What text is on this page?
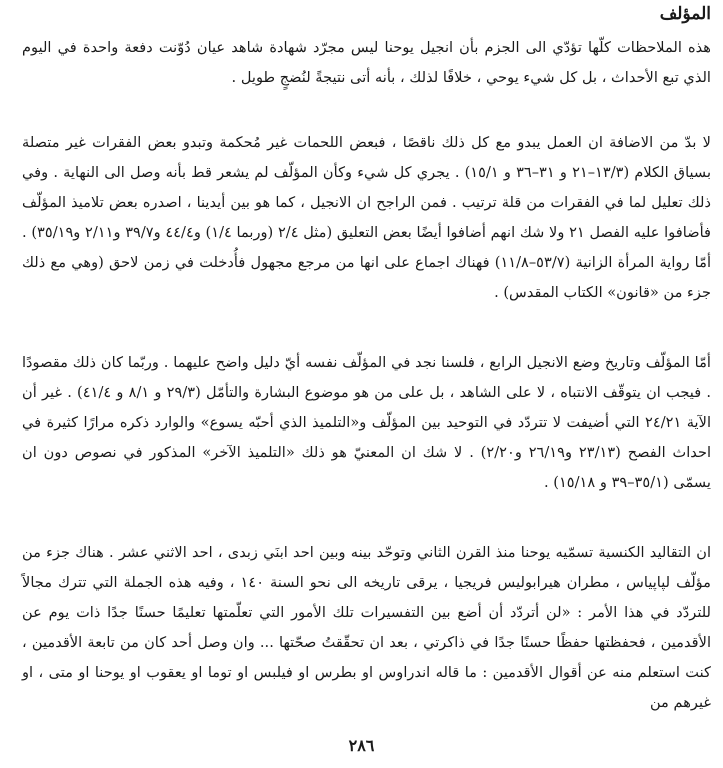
المؤلف

هذه الملاحظات كلّها تؤدّي الى الجزم بأن انجيل يوحنا ليس مجرّد شهادة شاهد عيان دُوّنت دفعة واحدة في اليوم الذي تبع الأحداث ، بل كل شيء يوحي ، خلافًا لذلك ، بأنه أتى نتيجةً لنُضجٍ طويل .

لا بدّ من الاضافة ان العمل يبدو مع كل ذلك ناقصًا ، فبعض اللحمات غير مُحكمة وتبدو بعض الفقرات غير متصلة بسياق الكلام (١٣/٣–٢١ و ٣١–٣٦ و ١٥/١) . يجري كل شيء وكأن المؤلّف لم يشعر قط بأنه وصل الى النهاية . وفي ذلك تعليل لما في الفقرات من قلة ترتيب . فمن الراجح ان الانجيل ، كما هو بين أيدينا ، اصدره بعض تلاميذ المؤلّف فأضافوا عليه الفصل ٢١ ولا شك انهم أضافوا أيضًا بعض التعليق (مثل ٢/٤ (وربما ١/٤) و٤٤/٤ و٣٩/٧ و٢/١١ و٣٥/١٩) . أمّا رواية المرأة الزانية (٥٣/٧–١١/٨) فهناك اجماع على انها من مرجع مجهول فأُدخلت في زمن لاحق (وهي مع ذلك جزء من «قانون» الكتاب المقدس) .

أمّا المؤلّف وتاريخ وضع الانجيل الرابع ، فلسنا نجد في المؤلّف نفسه أيّ دليل واضح عليهما . وربّما كان ذلك مقصودًا . فيجب ان يتوقّف الانتباه ، لا على الشاهد ، بل على من هو موضوع البشارة والتأمّل (٢٩/٣ و ٨/١ و ٤١/٤) . غير أن الآية ٢٤/٢١ التي أضيفت لا تتردّد في التوحيد بين المؤلّف و«التلميذ الذي أحبّه يسوع» والوارد ذكره مرارًا كثيرة في احداث الفصح (٢٣/١٣ و٢٦/١٩ و٢/٢٠) . لا شك ان المعنيّ هو ذلك «التلميذ الآخر» المذكور في نصوص دون ان يسمّى (٣٥/١–٣٩ و ١٥/١٨) .

ان التقاليد الكنسية تسمّيه يوحنا منذ القرن الثاني وتوحّد بينه وبين احد ابنَي زبدى ، احد الاثني عشر . هناك جزء من مؤلّف لپاپياس ، مطران هيرابوليس فريجيا ، يرقى تاريخه الى نحو السنة ١٤٠ ، وفيه هذه الجملة التي تترك مجالاً للتردّد في هذا الأمر : «لن أتردّد أن أضع بين التفسيرات تلك الأمور التي تعلّمتها تعليمًا حسنًا جدًا ذات يوم عن الأقدمين ، فحفظتها حفظًا حسنًا جدًا في ذاكرتي ، بعد ان تحقّقتُ صحّتها ... وان وصل أحد كان من تابعة الأقدمين ، كنت استعلم منه عن أقوال الأقدمين : ما قاله اندراوس او بطرس او فيلبس او توما او يعقوب او يوحنا او متى ، او غيرهم من

٢٨٦
